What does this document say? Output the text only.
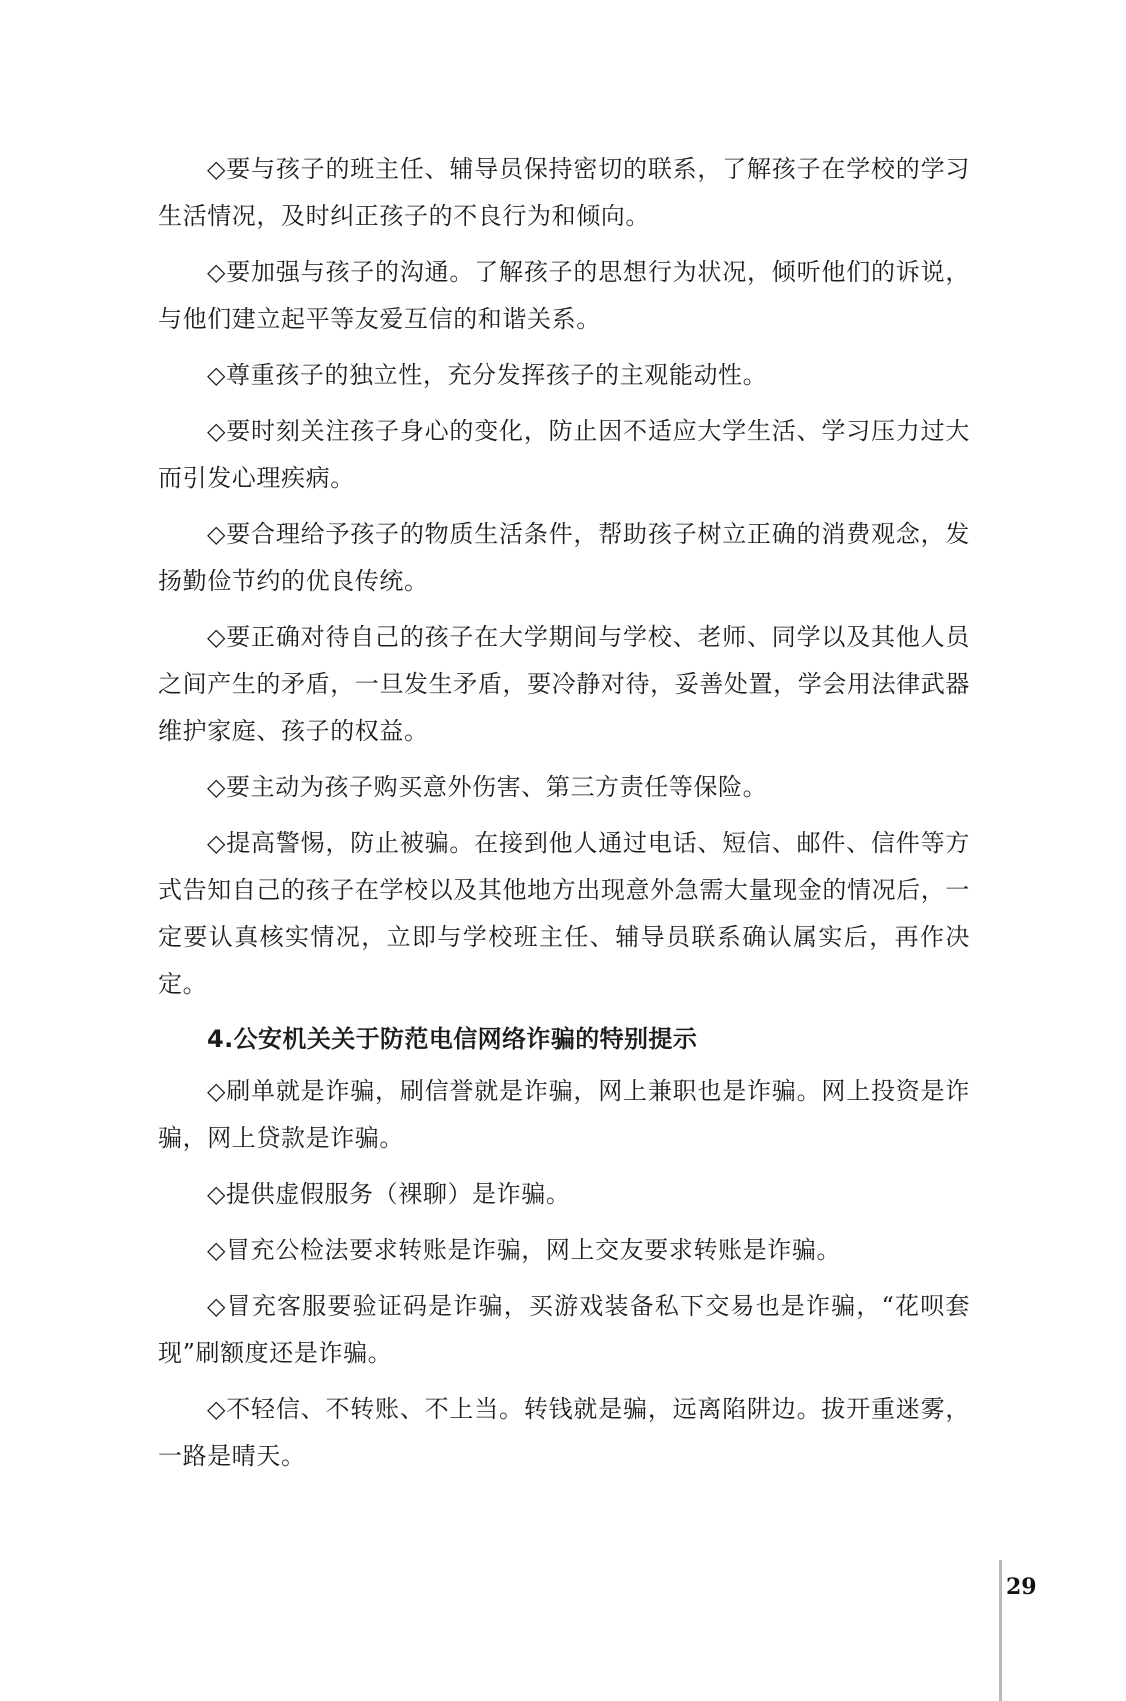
◇要与孩子的班主任、辅导员保持密切的联系，了解孩子在学校的学习生活情况，及时纠正孩子的不良行为和倾向。

◇要加强与孩子的沟通。了解孩子的思想行为状况，倾听他们的诉说，与他们建立起平等友爱互信的和谐关系。

◇尊重孩子的独立性，充分发挥孩子的主观能动性。

◇要时刻关注孩子身心的变化，防止因不适应大学生活、学习压力过大而引发心理疾病。

◇要合理给予孩子的物质生活条件，帮助孩子树立正确的消费观念，发扬勤俭节约的优良传统。

◇要正确对待自己的孩子在大学期间与学校、老师、同学以及其他人员之间产生的矛盾，一旦发生矛盾，要冷静对待，妥善处置，学会用法律武器维护家庭、孩子的权益。

◇要主动为孩子购买意外伤害、第三方责任等保险。

◇提高警惕，防止被骗。在接到他人通过电话、短信、邮件、信件等方式告知自己的孩子在学校以及其他地方出现意外急需大量现金的情况后，一定要认真核实情况，立即与学校班主任、辅导员联系确认属实后，再作决定。

4.公安机关关于防范电信网络诈骗的特别提示

◇刷单就是诈骗，刷信誉就是诈骗，网上兼职也是诈骗。网上投资是诈骗，网上贷款是诈骗。

◇提供虚假服务（裸聊）是诈骗。

◇冒充公检法要求转账是诈骗，网上交友要求转账是诈骗。

◇冒充客服要验证码是诈骗，买游戏装备私下交易也是诈骗，“花呗套现”刷额度还是诈骗。

◇不轻信、不转账、不上当。转钱就是骗，远离陷阱边。拔开重迷雾，一路是晴天。

29
